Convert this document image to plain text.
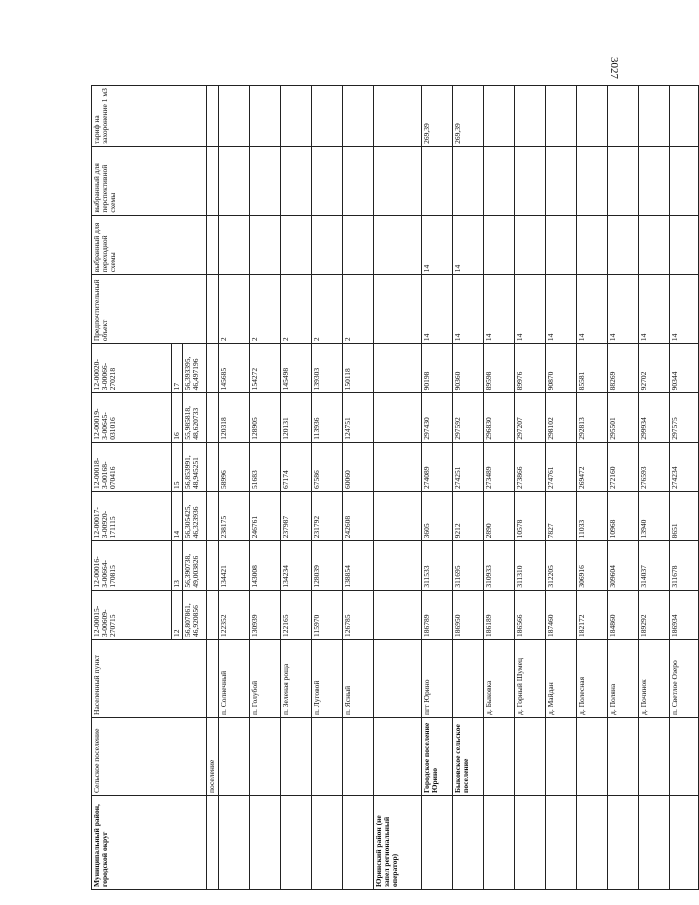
3027
Муниципальный район, городской округ	Сельское поселение	Населенный пункт	12-00015-З-00609-270715	12-00016-З-00664-170815	12-00017-З-00920-171115	12-00018-З-00168-070416	12-00019-З-00645-031016	12-00020-З-00066-270218	Предпочтительный объект	выбранный для переходной схемы	выбранный для перспективной схемы	тариф на захоронение 1 м3
			12	13	14	15	16	17				
			56,807861, 46,920856	56,390738, 49,003826	56,305425, 46,323936	56,853991, 48,945251	55,985818, 48,620733	56,393395, 46,497196				
	поселение											
		п. Солнечный	122352	134421	238175	58996	120318	145685	2			
		п. Голубой	130939	143008	246761	51683	128905	154272	2			
		п. Зеленая роща	122165	134234	237987	67174	120131	145498	2			
		п. Луговой	115970	128039	231792	67586	113936	139303	2			
		п. Ясный	126785	138854	242608	60060	124751	150118	2			
Юринский район (не запел региональный оператор)												
	Городское поселение Юрино	пгт Юрино	186789	311533	3605	274089	297430	90198	14	14		269,39
	Быковское сельское поселение		186950	311695	9212	274251	297592	90360	14	14		269,39
		д. Быковка	186189	310933	2890	273489	296830	89598	14			
		д. Горный Шумец	186566	311310	10578	273866	297207	89976	14			
		д. Майдан	187460	312205	7827	274761	298102	90870	14			
		д. Полесная	182172	306916	11033	269472	292813	85581	14			
		д. Поляна	184860	309604	10968	272160	295501	88269	14			
		д. Починок	189292	314037	13940	276593	299934	92702	14			
		п. Светлое Озеро	186934	311678	8651	274234	297575	90344	14			
